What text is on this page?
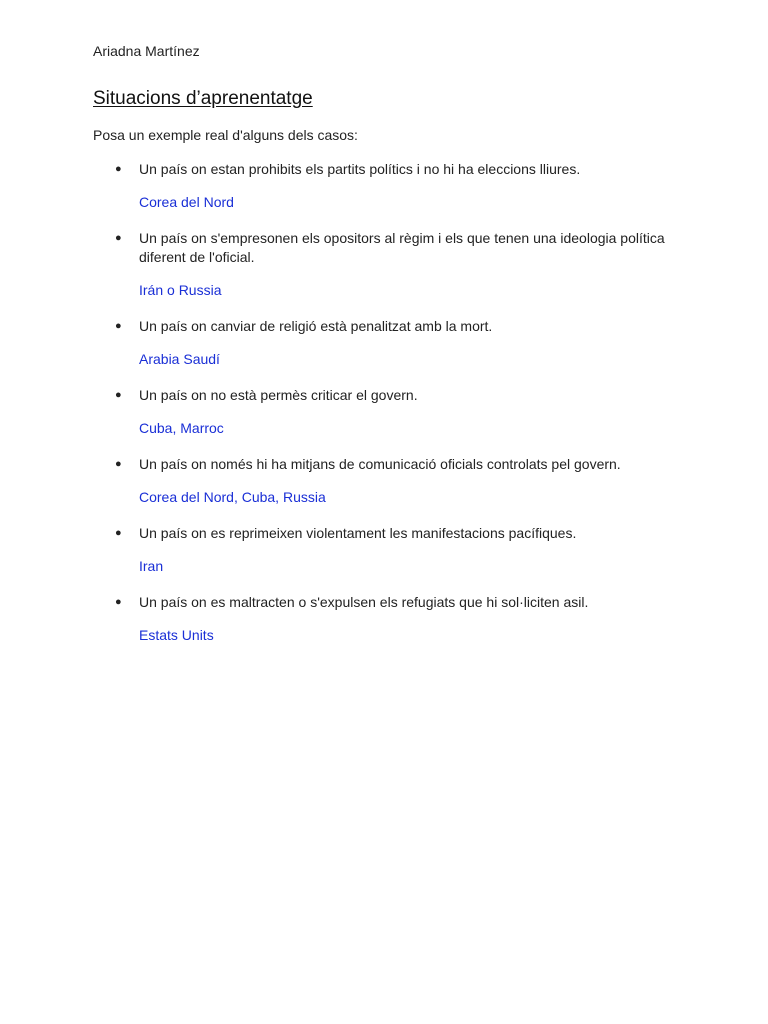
Ariadna Martínez
Situacions d’aprenentatge
Posa un exemple real d'alguns dels casos:
● Un país on estan prohibits els partits polítics i no hi ha eleccions lliures.

Corea del Nord

● Un país on s'empresonen els opositors al règim i els que tenen una ideologia política diferent de l'oficial.

Irán o Russia

● Un país on canviar de religió està penalitzat amb la mort.

Arabia Saudí

● Un país on no està permès criticar el govern.

Cuba, Marroc

● Un país on només hi ha mitjans de comunicació oficials controlats pel govern.

Corea del Nord, Cuba, Russia

● Un país on es reprimeixen violentament les manifestacions pacífiques.

Iran

● Un país on es maltracten o s'expulsen els refugiats que hi sol·liciten asil.

Estats Units
